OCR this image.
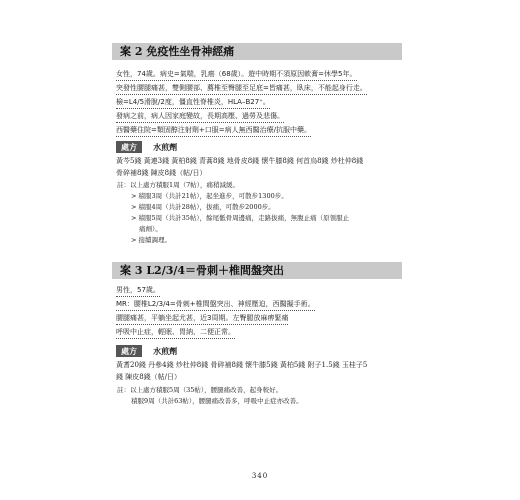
案 2 免疫性坐骨神經痛
女性，74歲。病史=氣喘，乳癌（68歲）。遊中時期不須原因軟膏=休學5年。
突發性腰腿痛甚，雙側腰部、薦椎至臀腿至足底=皆痛甚，臥床，不能起身行走。
檢=L4/5滑脫/2度，僵直性脊椎炎，HLA–B27⁺。
發病之前，病人因家庭變故，長期高壓、過勞及悲傷。
西醫藥住院=類固醇注射劑+口服=病人無西醫治療/抗服中藥。
處方 水煎劑
黃芩5錢 黃連3錢 黃柏8錢 青蒿8錢 地骨皮8錢 懷牛膝8錢 何首烏8錢 炒杜仲8錢
骨碎補8錢 陳皮8錢（帖/日）
註：以上處方積服1周（7帖），痛稍減緩。
> 積服3周（共計21帖），起坐進步，可散步1300步。
> 積服4周（共計28帖），拔痛，可散步2000步。
> 積服5周（共計35帖），餘尾骶骨周邊痛，走路拔痛，無腹止痛（原領服止
痛劑）。
> 接續調理。
案 3 L2/3/4＝骨刺＋椎間盤突出
男性，57歲。
MR：腰椎L2/3/4=骨刺+椎間盤突出、神經壓迫，西醫擬手術。
腰腿痛甚，平躺坐起尤甚，近3周期。左臀腿放麻痹緊痛
呼吸中止症，輕眠、胃納、二便正常。
處方 水煎劑
黃耆20錢 丹參4錢 炒杜仲8錢 骨碎補8錢 懷牛膝5錢 黃柏5錢 附子1.5錢 玉桂子5
錢 陳皮8錢（帖/日）
註：以上處方積服5周（35帖），腰腿痛改善，起身較好。
積服9周（共計63帖），腰腿痛改善多，呼吸中止症亦改善。
340
